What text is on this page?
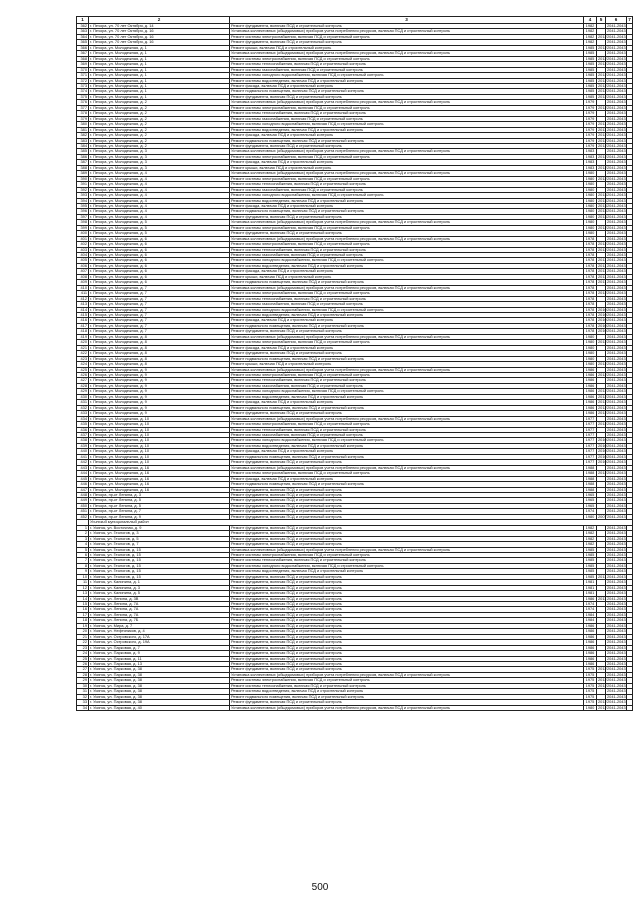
1	2	3	4	5	6	7
362	г. Печора, ул. 70 лет Октября, д. 14	Ремонт фундамента, включая ПСД и строительный контроль	1982		2041-2043	
363	г. Печора, ул. 70 лет Октября, д. 16	Установка коллективных (общедомовых) приборов учета потребления ресурсов, включая ПСД и строительный контроль	1982		2041-2043	
364	г. Печора, ул. 70 лет Октября, д. 16	Ремонт системы электроснабжения, включая ПСД и строительный контроль	1982	2012	2041-2043	
365	г. Печора, ул. 70 лет Октября, д. 16	Ремонт фундамента, включая ПСД и строительный контроль	1982		2041-2043	
366	г. Печора, ул. Молодежная, д. 1	Ремонт крыши, включая ПСД и строительный контроль	1985	2012	2041-2043	
367	г. Печора, ул. Молодежная, д. 1	Установка коллективных (общедомовых) приборов учета потребления ресурсов, включая ПСД и строительный контроль	1985		2041-2043	
368	г. Печора, ул. Молодежная, д. 1	Ремонт системы электроснабжения, включая ПСД и строительный контроль	1985	2012	2041-2043	
369	г. Печора, ул. Молодежная, д. 1	Ремонт системы теплоснабжения, включая ПСД и строительный контроль	1985	2012	2041-2043	
370	г. Печора, ул. Молодежная, д. 1	Ремонт системы газоснабжения, включая ПСД и строительный контроль	1985		2041-2043	
371	г. Печора, ул. Молодежная, д. 1	Ремонт системы холодного водоснабжения, включая ПСД и строительный контроль	1985	2012	2041-2043	
372	г. Печора, ул. Молодежная, д. 1	Ремонт системы водоотведения, включая ПСД и строительный контроль	1985	2012	2041-2043	
373	г. Печора, ул. Молодежная, д. 1	Ремонт фасада, включая ПСД и строительный контроль	1985	2012	2041-2043	
374	г. Печора, ул. Молодежная, д. 1	Ремонт подвального помещения, включая ПСД и строительный контроль	1985	2012	2041-2043	
375	г. Печора, ул. Молодежная, д. 1	Ремонт фундамента, включая ПСД и строительный контроль	1985	2012	2041-2043	
376	г. Печора, ул. Молодежная, д. 2	Установка коллективных (общедомовых) приборов учета потребления ресурсов, включая ПСД и строительный контроль	1979		2041-2043	
377	г. Печора, ул. Молодежная, д. 2	Ремонт системы электроснабжения, включая ПСД и строительный контроль	1979	2012	2041-2043	
378	г. Печора, ул. Молодежная, д. 2	Ремонт системы теплоснабжения, включая ПСД и строительный контроль	1979		2041-2043	
379	г. Печора, ул. Молодежная, д. 2	Ремонт системы газоснабжения, включая ПСД и строительный контроль	1979		2041-2043	
380	г. Печора, ул. Молодежная, д. 2	Ремонт системы холодного водоснабжения, включая ПСД и строительный контроль	1979	2011	2041-2043	
381	г. Печора, ул. Молодежная, д. 2	Ремонт системы водоотведения, включая ПСД и строительный контроль	1979	2011	2041-2043	
382	г. Печора, ул. Молодежная, д. 2	Ремонт фасада, включая ПСД и строительный контроль	1979	2012	2041-2043	
383	г. Печора, ул. Молодежная, д. 2	Ремонт подвального помещения, включая ПСД и строительный контроль	1979	2012	2041-2043	
384	г. Печора, ул. Молодежная, д. 2	Ремонт фундамента, включая ПСД и строительный контроль	1979	2012	2041-2043	
385	г. Печора, ул. Молодежная, д. 3	Установка коллективных (общедомовых) приборов учета потребления ресурсов, включая ПСД и строительный контроль	1983		2041-2043	
386	г. Печора, ул. Молодежная, д. 3	Ремонт системы электроснабжения, включая ПСД и строительный контроль	1983	2012	2041-2043	
387	г. Печора, ул. Молодежная, д. 3	Ремонт фасада, включая ПСД и строительный контроль	1983		2041-2043	
388	г. Печора, ул. Молодежная, д. 3	Ремонт крыши, включая ПСД и строительный контроль	1983	2012	2041-2043	
389	г. Печора, ул. Молодежная, д. 4	Установка коллективных (общедомовых) приборов учета потребления ресурсов, включая ПСД и строительный контроль	1980		2041-2043	
390	г. Печора, ул. Молодежная, д. 4	Ремонт системы электроснабжения, включая ПСД и строительный контроль	1980	2012	2041-2043	
391	г. Печора, ул. Молодежная, д. 4	Ремонт системы теплоснабжения, включая ПСД и строительный контроль	1980		2041-2043	
392	г. Печора, ул. Молодежная, д. 4	Ремонт системы газоснабжения, включая ПСД и строительный контроль	1980		2041-2043	
393	г. Печора, ул. Молодежная, д. 4	Ремонт системы холодного водоснабжения, включая ПСД и строительный контроль	1980	2013	2041-2043	
394	г. Печора, ул. Молодежная, д. 4	Ремонт системы водоотведения, включая ПСД и строительный контроль	1980	2013	2041-2043	
395	г. Печора, ул. Молодежная, д. 4	Ремонт фасада, включая ПСД и строительный контроль	1980	2013	2041-2043	
396	г. Печора, ул. Молодежная, д. 4	Ремонт подвального помещения, включая ПСД и строительный контроль	1980	2013	2041-2043	
397	г. Печора, ул. Молодежная, д. 4	Ремонт фундамента, включая ПСД и строительный контроль	1980	2013	2041-2043	
398	г. Печора, ул. Молодежная, д. 5	Установка коллективных (общедомовых) приборов учета потребления ресурсов, включая ПСД и строительный контроль	1980		2041-2043	
399	г. Печора, ул. Молодежная, д. 5	Ремонт системы электроснабжения, включая ПСД и строительный контроль	1980	2012	2041-2043	
400	г. Печора, ул. Молодежная, д. 5	Ремонт фундамента, включая ПСД и строительный контроль	1980		2041-2043	
401	г. Печора, ул. Молодежная, д. 6	Установка коллективных (общедомовых) приборов учета потребления ресурсов, включая ПСД и строительный контроль	1978		2041-2043	
402	г. Печора, ул. Молодежная, д. 6	Ремонт системы электроснабжения, включая ПСД и строительный контроль	1978	2012	2041-2043	
403	г. Печора, ул. Молодежная, д. 6	Ремонт системы теплоснабжения, включая ПСД и строительный контроль	1978	2012	2041-2043	
404	г. Печора, ул. Молодежная, д. 6	Ремонт системы газоснабжения, включая ПСД и строительный контроль	1978		2041-2043	
405	г. Печора, ул. Молодежная, д. 6	Ремонт системы холодного водоснабжения, включая ПСД и строительный контроль	1978	2011	2041-2043	
406	г. Печора, ул. Молодежная, д. 6	Ремонт системы водоотведения, включая ПСД и строительный контроль	1978	2011	2041-2043	
407	г. Печора, ул. Молодежная, д. 6	Ремонт фасада, включая ПСД и строительный контроль	1978	2011	2041-2043	
408	г. Печора, ул. Молодежная, д. 6	Ремонт крыши, включая ПСД и строительный контроль	1978	2011	2041-2043	
409	г. Печора, ул. Молодежная, д. 6	Ремонт подвального помещения, включая ПСД и строительный контроль	1978	2011	2041-2043	
410	г. Печора, ул. Молодежная, д. 7	Установка коллективных (общедомовых) приборов учета потребления ресурсов, включая ПСД и строительный контроль	1978		2041-2043	
411	г. Печора, ул. Молодежная, д. 7	Ремонт системы электроснабжения, включая ПСД и строительный контроль	1978	2012	2041-2043	
412	г. Печора, ул. Молодежная, д. 7	Ремонт системы теплоснабжения, включая ПСД и строительный контроль	1978		2041-2043	
413	г. Печора, ул. Молодежная, д. 7	Ремонт системы газоснабжения, включая ПСД и строительный контроль	1978		2041-2043	
414	г. Печора, ул. Молодежная, д. 7	Ремонт системы холодного водоснабжения, включая ПСД и строительный контроль	1978	2010	2041-2043	
415	г. Печора, ул. Молодежная, д. 7	Ремонт системы водоотведения, включая ПСД и строительный контроль	1978	2010	2041-2043	
416	г. Печора, ул. Молодежная, д. 7	Ремонт фасада, включая ПСД и строительный контроль	1978	2010	2041-2043	
417	г. Печора, ул. Молодежная, д. 7	Ремонт подвального помещения, включая ПСД и строительный контроль	1978	2010	2041-2043	
418	г. Печора, ул. Молодежная, д. 7	Ремонт фундамента, включая ПСД и строительный контроль	1978	2010	2041-2043	
419	г. Печора, ул. Молодежная, д. 8	Установка коллективных (общедомовых) приборов учета потребления ресурсов, включая ПСД и строительный контроль	1980		2041-2043	
420	г. Печора, ул. Молодежная, д. 8	Ремонт системы электроснабжения, включая ПСД и строительный контроль	1980	2012	2041-2043	
421	г. Печора, ул. Молодежная, д. 8	Ремонт фасада, включая ПСД и строительный контроль	1980		2041-2043	
422	г. Печора, ул. Молодежная, д. 8	Ремонт фундамента, включая ПСД и строительный контроль	1980		2041-2043	
423	г. Печора, ул. Молодежная, д. 8	Ремонт подвального помещения, включая ПСД и строительный контроль	1980		2041-2043	
424	г. Печора, ул. Молодежная, д. 8	Ремонт крыши, включая ПСД и строительный контроль	1980	2012	2041-2043	
425	г. Печора, ул. Молодежная, д. 9	Установка коллективных (общедомовых) приборов учета потребления ресурсов, включая ПСД и строительный контроль	1986		2041-2043	
426	г. Печора, ул. Молодежная, д. 9	Ремонт системы электроснабжения, включая ПСД и строительный контроль	1986	2012	2041-2043	
427	г. Печора, ул. Молодежная, д. 9	Ремонт системы теплоснабжения, включая ПСД и строительный контроль	1986		2041-2043	
428	г. Печора, ул. Молодежная, д. 9	Ремонт системы газоснабжения, включая ПСД и строительный контроль	1986		2041-2043	
429	г. Печора, ул. Молодежная, д. 9	Ремонт системы холодного водоснабжения, включая ПСД и строительный контроль	1986	2012	2041-2043	
430	г. Печора, ул. Молодежная, д. 9	Ремонт системы водоотведения, включая ПСД и строительный контроль	1986	2012	2041-2043	
431	г. Печора, ул. Молодежная, д. 9	Ремонт фасада, включая ПСД и строительный контроль	1986	2012	2041-2043	
432	г. Печора, ул. Молодежная, д. 9	Ремонт подвального помещения, включая ПСД и строительный контроль	1986	2012	2041-2043	
433	г. Печора, ул. Молодежная, д. 9	Ремонт фундамента, включая ПСД и строительный контроль	1986	2012	2041-2043	
434	г. Печора, ул. Молодежная, д. 10	Установка коллективных (общедомовых) приборов учета потребления ресурсов, включая ПСД и строительный контроль	1977		2041-2043	
435	г. Печора, ул. Молодежная, д. 10	Ремонт системы электроснабжения, включая ПСД и строительный контроль	1977	2012	2041-2043	
436	г. Печора, ул. Молодежная, д. 10	Ремонт системы теплоснабжения, включая ПСД и строительный контроль	1977		2041-2043	
437	г. Печора, ул. Молодежная, д. 10	Ремонт системы газоснабжения, включая ПСД и строительный контроль	1977		2041-2043	
438	г. Печора, ул. Молодежная, д. 10	Ремонт системы холодного водоснабжения, включая ПСД и строительный контроль	1977	2010	2041-2043	
439	г. Печора, ул. Молодежная, д. 10	Ремонт системы водоотведения, включая ПСД и строительный контроль	1977	2010	2041-2043	
440	г. Печора, ул. Молодежная, д. 10	Ремонт фасада, включая ПСД и строительный контроль	1977	2010	2041-2043	
441	г. Печора, ул. Молодежная, д. 10	Ремонт подвального помещения, включая ПСД и строительный контроль	1977	2010	2041-2043	
442	г. Печора, ул. Молодежная, д. 10	Ремонт фундамента, включая ПСД и строительный контроль	1977	2010	2041-2043	
443	г. Печора, ул. Молодежная, д. 16	Установка коллективных (общедомовых) приборов учета потребления ресурсов, включая ПСД и строительный контроль	1988		2041-2043	
444	г. Печора, ул. Молодежная, д. 16	Ремонт системы электроснабжения, включая ПСД и строительный контроль	1988	2012	2041-2043	
445	г. Печора, ул. Молодежная, д. 16	Ремонт фасада, включая ПСД и строительный контроль	1988		2041-2043	
446	г. Печора, ул. Молодежная, д. 16	Ремонт подвального помещения, включая ПСД и строительный контроль	1988		2041-2043	
447	г. Печора, ул. Молодежная, д. 16	Ремонт фундамента, включая ПСД и строительный контроль	1988		2041-2043	
448	г. Печора, пр-кт Ленина, д. 3	Ремонт фундамента, включая ПСД и строительный контроль	1965		2041-2043	
449	г. Печора, пр-кт Ленина, д. 5	Ремонт фундамента, включая ПСД и строительный контроль	1965		2041-2043	
450	г. Печора, пр-кт Ленина, д. 5	Ремонт фундамента, включая ПСД и строительный контроль	1965		2041-2043	
451	г. Печора, пр-кт Ленина, д. 7	Ремонт фундамента, включая ПСД и строительный контроль	1974		2041-2043	
452	г. Печора, пр-кт Ленина, д. 9	Ремонт фундамента, включая ПСД и строительный контроль	1980	2007	2041-2043	
	Усинский муниципальный район					
1	г. Усинск, ул. Восточная, д. 9	Ремонт фундамента, включая ПСД и строительный контроль	1982		2041-2043	
2	г. Усинск, ул. Геологов, д. 3	Ремонт фундамента, включая ПСД и строительный контроль	1982		2041-2043	
3	г. Усинск, ул. Геологов, д. 5	Ремонт фундамента, включая ПСД и строительный контроль	1982		2041-2043	
4	г. Усинск, ул. Геологов, д. 7	Ремонт фундамента, включая ПСД и строительный контроль	1982		2041-2043	
5	г. Усинск, ул. Геологов, д. 15	Установка коллективных (общедомовых) приборов учета потребления ресурсов, включая ПСД и строительный контроль	1985		2041-2043	
6	г. Усинск, ул. Геологов, д. 15	Ремонт системы электроснабжения, включая ПСД и строительный контроль	1985		2041-2043	
7	г. Усинск, ул. Геологов, д. 15	Ремонт системы теплоснабжения, включая ПСД и строительный контроль	1985		2041-2043	
8	г. Усинск, ул. Геологов, д. 15	Ремонт системы холодного водоснабжения, включая ПСД и строительный контроль	1985		2041-2043	
9	г. Усинск, ул. Геологов, д. 15	Ремонт системы водоотведения, включая ПСД и строительный контроль	1985		2041-2043	
10	г. Усинск, ул. Геологов, д. 15	Ремонт фундамента, включая ПСД и строительный контроль	1985	2011	2041-2043	
11	г. Усинск, ул. Калинина, д. 1	Ремонт фундамента, включая ПСД и строительный контроль	1981		2041-2043	
12	г. Усинск, ул. Калинина, д. 3	Ремонт фундамента, включая ПСД и строительный контроль	1981		2041-2043	
13	г. Усинск, ул. Калинина, д. 5	Ремонт фундамента, включая ПСД и строительный контроль	1981		2041-2043	
14	г. Усинск, ул. Ленина, д. 3В	Ремонт фундамента, включая ПСД и строительный контроль	1986	2011	2041-2043	
15	г. Усинск, ул. Ленина, д. 7А	Ремонт фундамента, включая ПСД и строительный контроль	1974		2041-2043	
16	г. Усинск, ул. Ленина, д. 7А	Ремонт фундамента, включая ПСД и строительный контроль	1974		2041-2043	
17	г. Усинск, ул. Ленина, д. 7А	Ремонт фундамента, включая ПСД и строительный контроль	1984		2041-2043	
18	г. Усинск, ул. Ленина, д. 7Б	Ремонт фундамента, включая ПСД и строительный контроль	1984		2041-2043	
19	г. Усинск, ул. Мира, д. 7	Ремонт фундамента, включая ПСД и строительный контроль	1986		2041-2043	
20	г. Усинск, ул. Нефтяников, д. 4	Ремонт фундамента, включая ПСД и строительный контроль	1986		2041-2043	
21	г. Усинск, ул. Островского, д. 17А	Ремонт фундамента, включая ПСД и строительный контроль	1986		2041-2043	
22	г. Усинск, ул. Островского, д. 19А	Ремонт фундамента, включая ПСД и строительный контроль	1986		2041-2043	
23	г. Усинск, ул. Парковая, д. 7	Ремонт фундамента, включая ПСД и строительный контроль	1986		2041-2043	
24	г. Усинск, ул. Парковая, д. 9	Ремонт фундамента, включая ПСД и строительный контроль	1986		2041-2043	
25	г. Усинск, ул. Парковая, д. 11	Ремонт фундамента, включая ПСД и строительный контроль	1986		2041-2043	
26	г. Усинск, ул. Парковая, д. 13	Ремонт фундамента, включая ПСД и строительный контроль	1986		2041-2043	
27	г. Усинск, ул. Парковая, д. 38	Ремонт фундамента, включая ПСД и строительный контроль	1975	2012	2041-2043	
28	г. Усинск, ул. Парковая, д. 38	Установка коллективных (общедомовых) приборов учета потребления ресурсов, включая ПСД и строительный контроль	1975		2041-2043	
29	г. Усинск, ул. Парковая, д. 38	Ремонт системы электроснабжения, включая ПСД и строительный контроль	1975	2012	2041-2043	
30	г. Усинск, ул. Парковая, д. 38	Ремонт системы теплоснабжения, включая ПСД и строительный контроль	1975	2012	2041-2043	
31	г. Усинск, ул. Парковая, д. 38	Ремонт системы водоотведения, включая ПСД и строительный контроль	1975		2041-2043	
32	г. Усинск, ул. Парковая, д. 38	Ремонт подвального помещения, включая ПСД и строительный контроль	1975		2041-2043	
33	г. Усинск, ул. Парковая, д. 38	Ремонт фундамента, включая ПСД и строительный контроль	1975	2012	2041-2043	
34	г. Усинск, ул. Парковая, д. 40	Установка коллективных (общедомовых) приборов учета потребления ресурсов, включая ПСД и строительный контроль	1980	2012	2041-2043	
500
